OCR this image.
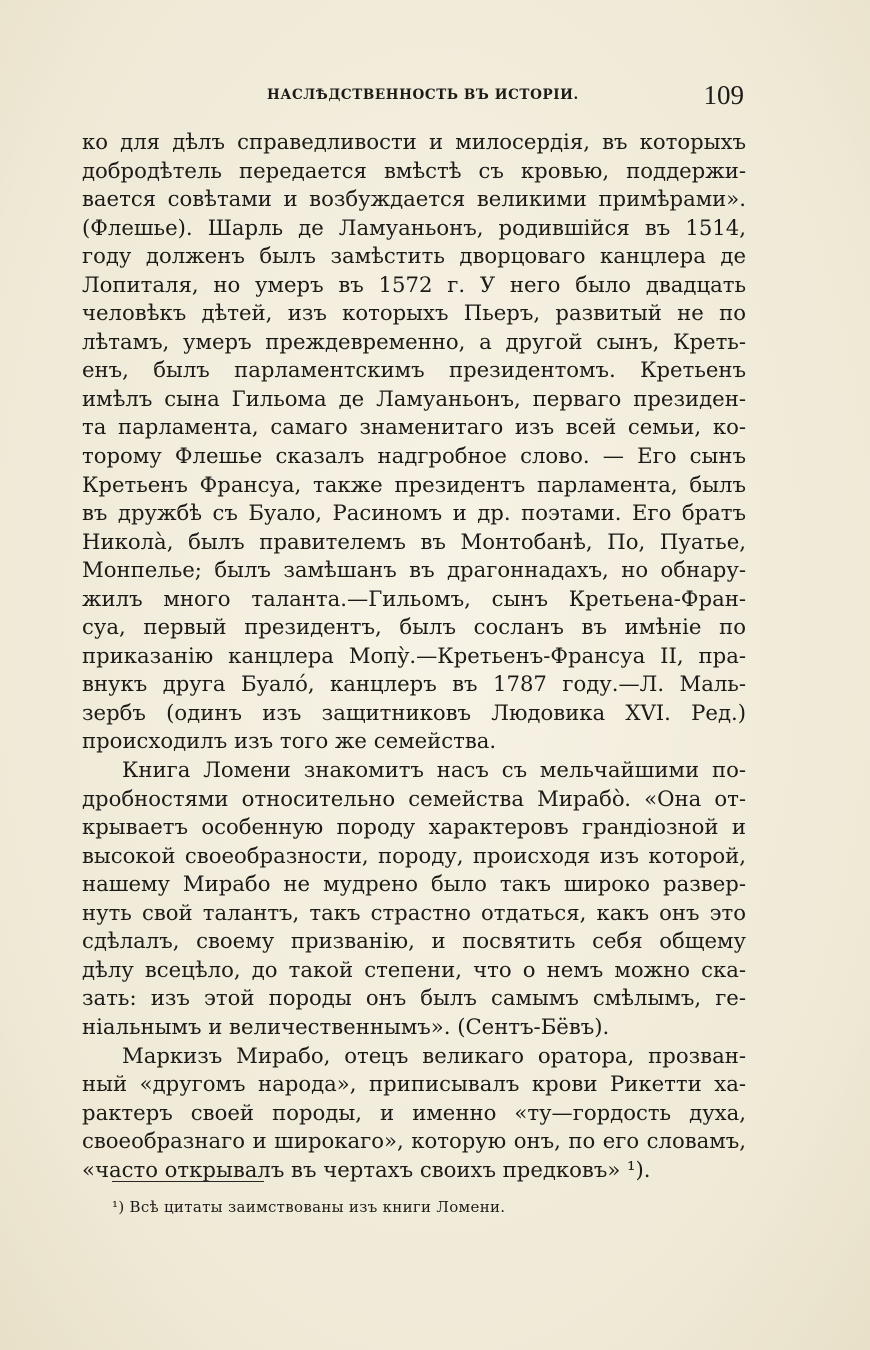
НАСЛѢДСТВЕННОСТЬ ВЪ ИСТОРІИ.	109
ко для дѣлъ справедливости и милосердія, въ которыхъ
добродѣтель передается вмѣстѣ съ кровью, поддержи-
вается совѣтами и возбуждается великими примѣрами».
(Флешье). Шарль де Ламуаньонъ, родившійся въ 1514,
году долженъ былъ замѣстить дворцоваго канцлера де
Лопиталя, но умеръ въ 1572 г. У него было двадцать
человѣкъ дѣтей, изъ которыхъ Пьеръ, развитый не по
лѣтамъ, умеръ преждевременно, а другой сынъ, Креть-
енъ, былъ парламентскимъ президентомъ. Кретьенъ
имѣлъ сына Гильома де Ламуаньонъ, перваго президен-
та парламента, самаго знаменитаго изъ всей семьи, ко-
торому Флешье сказалъ надгробное слово. — Его сынъ
Кретьенъ Франсуа, также президентъ парламента, былъ
въ дружбѣ съ Буало, Расиномъ и др. поэтами. Его братъ
Николà, былъ правителемъ въ Монтобанѣ, По, Пуатье,
Монпелье; былъ замѣшанъ въ драгоннадахъ, но обнару-
жилъ много таланта.—Гильомъ, сынъ Кретьена-Фран-
суа, первый президентъ, былъ сосланъ въ имѣніе по
приказанію канцлера Мопỳ.—Кретьенъ-Франсуа II, пра-
внукъ друга Буалó, канцлеръ въ 1787 году.—Л. Маль-
зербъ (одинъ изъ защитниковъ Людовика XVI. Ред.)
происходилъ изъ того же семейства.
Книга Ломени знакомитъ насъ съ мельчайшими по-
дробностями относительно семейства Мирабò. «Она от-
крываетъ особенную породу характеровъ грандіозной и
высокой своеобразности, породу, происходя изъ которой,
нашему Мирабо не мудрено было такъ широко развер-
нуть свой талантъ, такъ страстно отдаться, какъ онъ это
сдѣлалъ, своему призванію, и посвятить себя общему
дѣлу всецѣло, до такой степени, что о немъ можно ска-
зать: изъ этой породы онъ былъ самымъ смѣлымъ, ге-
ніальнымъ и величественнымъ». (Сентъ-Бёвъ).
Маркизъ Мирабо, отецъ великаго оратора, прозван-
ный «другомъ народа», приписывалъ крови Рикетти ха-
рактеръ своей породы, и именно «ту—гордость духа,
своеобразнаго и широкаго», которую онъ, по его словамъ,
«часто открывалъ въ чертахъ своихъ предковъ» ¹).
¹) Всѣ цитаты заимствованы изъ книги Ломени.
